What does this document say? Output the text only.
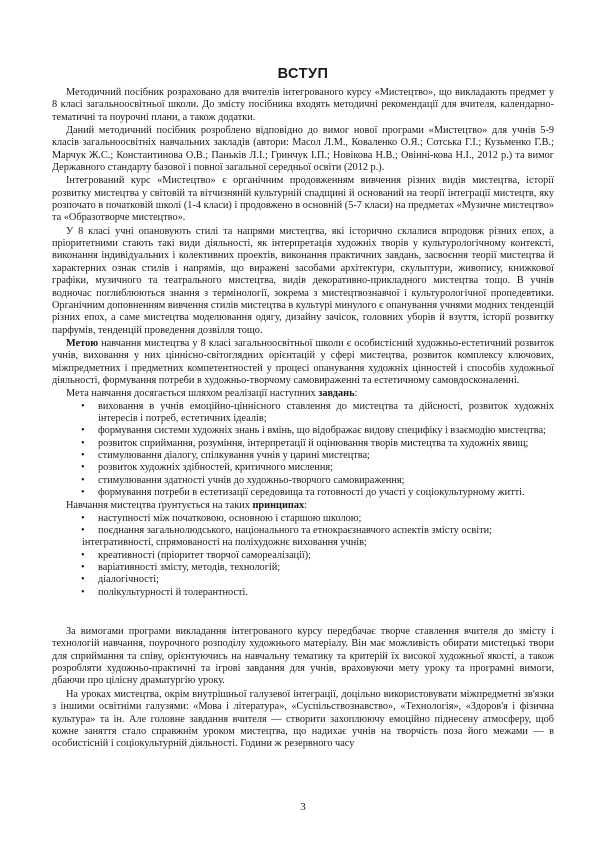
ВСТУП

Методичний посібник розраховано для вчителів інтегрованого курсу «Мистецтво», що викладають предмет у 8 класі загальноосвітньої школи. До змісту посібника входять методичні рекомендації для вчителя, календарно-тематичні та поурочні плани, а також додатки.

Даний методичний посібник розроблено відповідно до вимог нової програми «Мистецтво» для учнів 5-9 класів загальноосвітніх навчальних закладів (автори: Масол Л.М., Коваленко О.Я.; Сотська Г.І.; Кузьменко Г.В.; Марчук Ж.С.; Константинова О.В.; Паньків Л.І.; Гринчук І.П.; Новікова Н.В.; Овінні-кова Н.І., 2012 р.) та вимог Державного стандарту базової і повної загальної середньої освіти (2012 р.).

Інтегрований курс «Мистецтво» є органічним продовженням вивчення різних видів мистецтва, історії розвитку мистецтва у світовій та вітчизняній культурній спадщині й оснований на теорії інтеграції мистецтв, яку розпочато в початковій школі (1-4 класи) і продовжено в основній (5-7 класи) на предметах «Музичне мистецтво» та «Образотворче мистецтво».

У 8 класі учні опановують стилі та напрями мистецтва, які історично склалися впродовж різних епох, а пріоритетними стають такі види діяльності, як інтерпретація художніх творів у культурологічному контексті, виконання індивідуальних і колективних проектів, виконання практичних завдань, засвоєння теорії мистецтва й характерних ознак стилів і напрямів, що виражені засобами архітектури, скульптури, живопису, книжкової графіки, музичного та театрального мистецтва, видів декоративно-прикладного мистецтва тощо. В учнів водночас поглиблюються знання з термінології, зокрема з мистецтвознавчої і культурологічної пропедевтики. Органічним доповненням вивчення стилів мистецтва в культурі минулого є опанування учнями модних тенденцій різних епох, а саме мистецтва моделювання одягу, дизайну зачісок, головних уборів й взуття, історії розвитку парфумів, тенденцій проведення дозвілля тощо.

Метою навчання мистецтва у 8 класі загальноосвітньої школи є особистісний художньо-естетичний розвиток учнів, виховання у них ціннісно-світоглядних орієнтацій у сфері мистецтва, розвиток комплексу ключових, міжпредметних і предметних компетентностей у процесі опанування художніх цінностей і способів художньої діяльності, формування потреби в художньо-творчому самовираженні та естетичному самовдосконаленні.

Мета навчання досягається шляхом реалізації наступних завдань:

• виховання в учнів емоційно-ціннісного ставлення до мистецтва та дійсності, розвиток художніх інтересів і потреб, естетичних ідеалів;
• формування системи художніх знань і вмінь, що відображає видову специфіку і взаємодію мистецтва;
• розвиток сприймання, розуміння, інтерпретації й оцінювання творів мистецтва та художніх явищ;
• стимулювання діалогу, спілкування учнів у царині мистецтва;
• розвиток художніх здібностей, критичного мислення;
• стимулювання здатності учнів до художньо-творчого самовираження;
• формування потреби в естетизації середовища та готовності до участі у соціокультурному житті.

Навчання мистецтва ґрунтується на таких принципах:

• наступності між початковою, основною і старшою школою;
• поєднання загальнолюдського, національного та етнокраєзнавчого аспектів змісту освіти;
інтегративності, спрямованості на поліхудожнє виховання учнів;
• креативності (пріоритет творчої самореалізації);
• варіативності змісту, методів, технологій;
• діалогічності;
• полікультурності й толерантності.

За вимогами програми викладання інтегрованого курсу передбачає творче ставлення вчителя до змісту і технологій навчання, поурочного розподілу художнього матеріалу. Він має можливість обирати мистецькі твори для сприймання та співу, орієнтуючись на навчальну тематику та критерій їх високої художньої якості, а також розробляти художньо-практичні та ігрові завдання для учнів, враховуючи мету уроку та програмні вимоги, дбаючи про цілісну драматургію уроку.

На уроках мистецтва, окрім внутрішньої галузевої інтеграції, доцільно використовувати міжпредметні зв'язки з іншими освітніми галузями: «Мова і література», «Суспільствознавство», «Технологія», «Здоров'я і фізична культура» та ін. Але головне завдання вчителя — створити захоплюючу емоційно піднесену атмосферу, щоб кожне заняття стало справжнім уроком мистецтва, що надихає учнів на творчість поза його межами — в особистісній і соціокультурній діяльності. Години ж резервного часу

3
